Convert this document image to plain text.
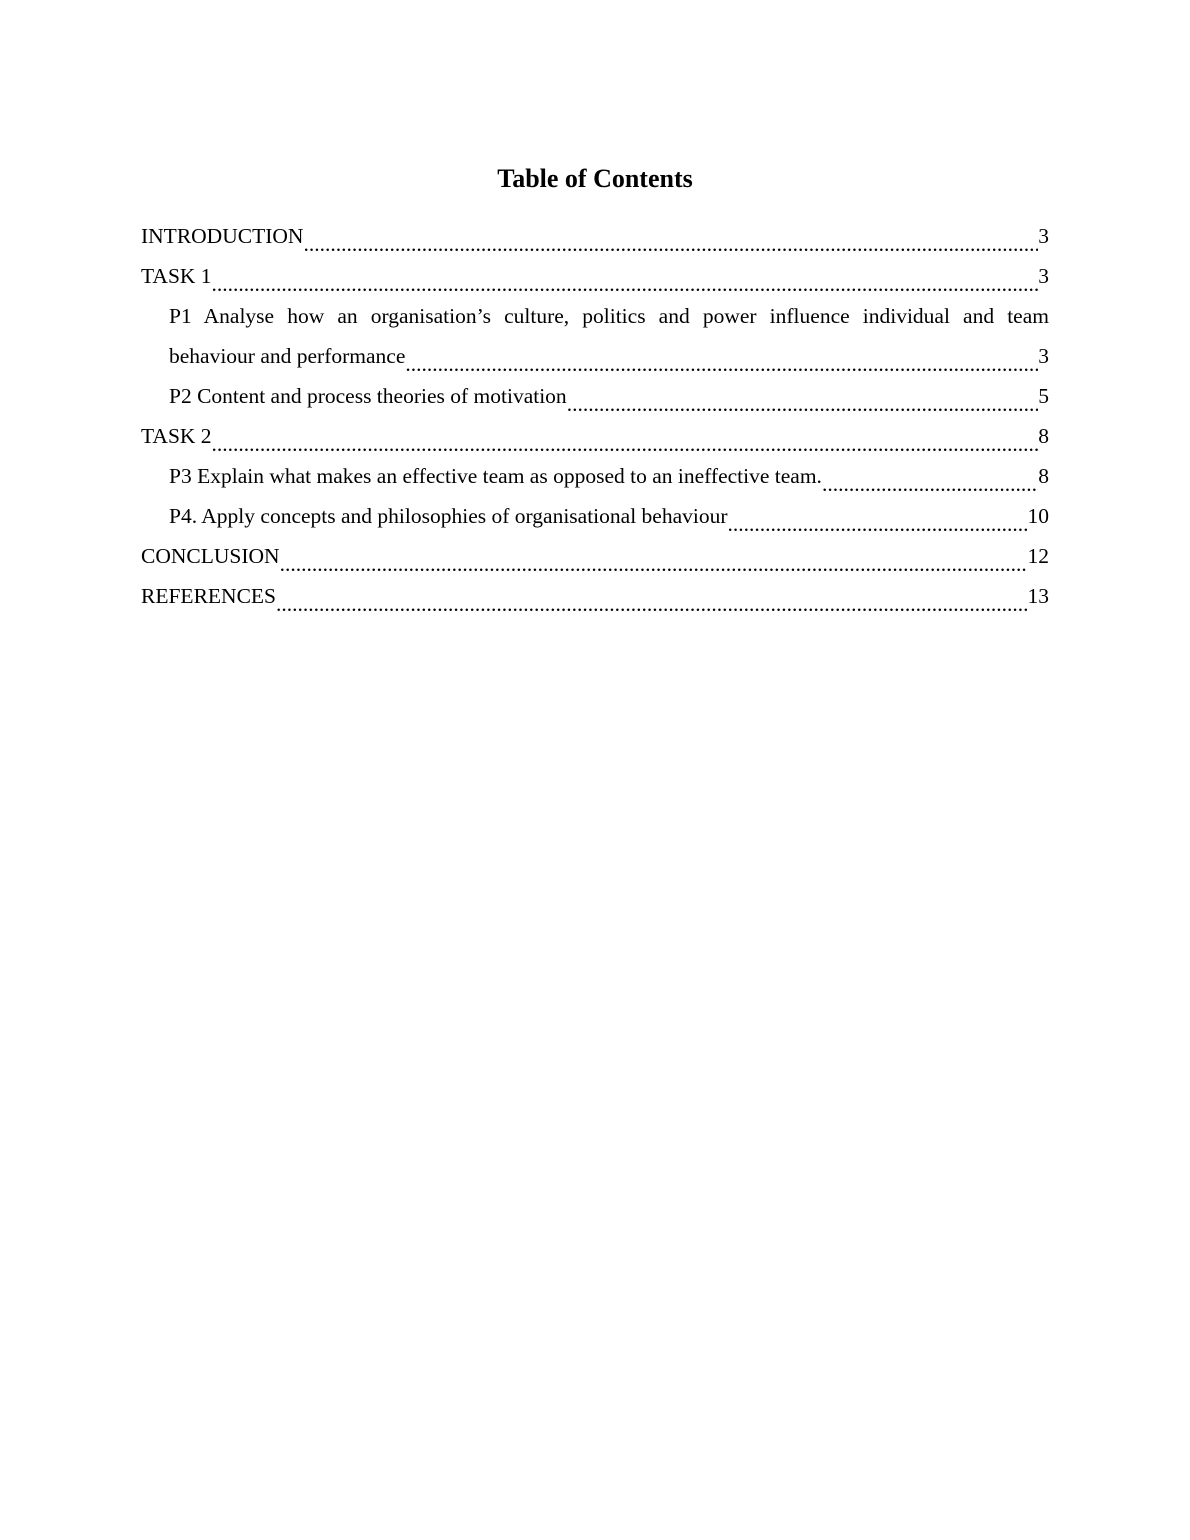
Table of Contents
3
INTRODUCTION .....
3
TASK 1 .....
P1 Analyse how an organisation’s culture, politics and power influence individual and team
3
behaviour and performance .....
5
P2 Content and process theories of motivation .....
8
TASK 2 .....
8
P3 Explain what makes an effective team as opposed to an ineffective team. .....
10
P4. Apply concepts and philosophies of organisational behaviour .....
12
CONCLUSION .....
13
REFERENCES .....
